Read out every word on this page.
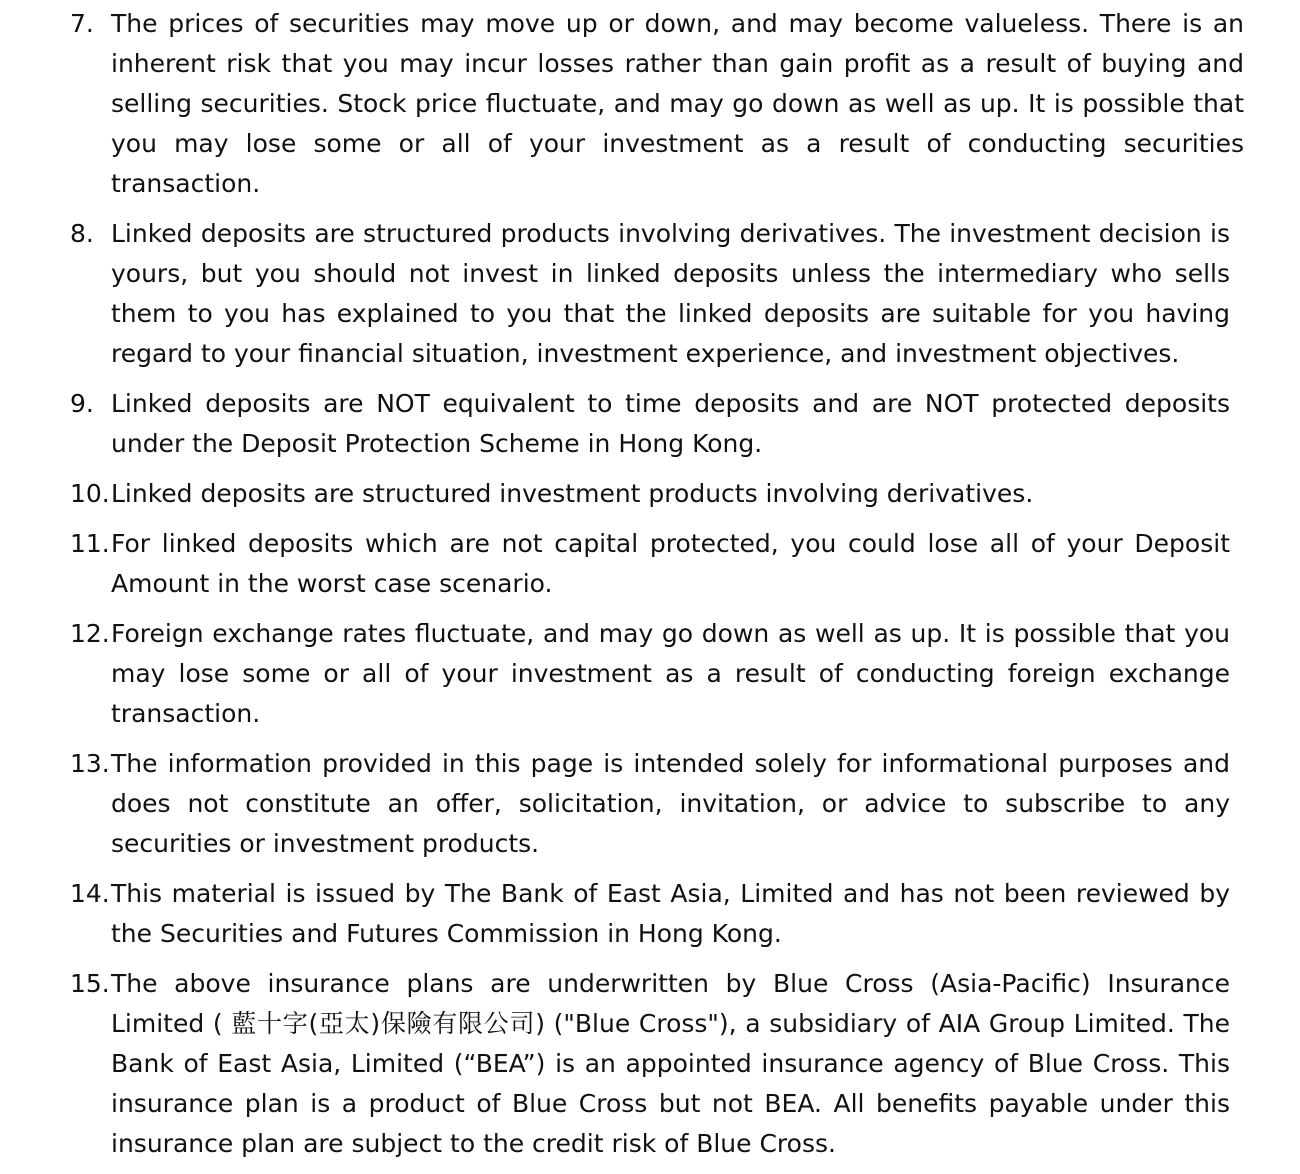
7. The prices of securities may move up or down, and may become valueless. There is an inherent risk that you may incur losses rather than gain profit as a result of buying and selling securities. Stock price fluctuate, and may go down as well as up. It is possible that you may lose some or all of your investment as a result of conducting securities transaction.
8. Linked deposits are structured products involving derivatives. The investment decision is yours, but you should not invest in linked deposits unless the intermediary who sells them to you has explained to you that the linked deposits are suitable for you having regard to your financial situation, investment experience, and investment objectives.
9. Linked deposits are NOT equivalent to time deposits and are NOT protected deposits under the Deposit Protection Scheme in Hong Kong.
10. Linked deposits are structured investment products involving derivatives.
11. For linked deposits which are not capital protected, you could lose all of your Deposit Amount in the worst case scenario.
12. Foreign exchange rates fluctuate, and may go down as well as up. It is possible that you may lose some or all of your investment as a result of conducting foreign exchange transaction.
13. The information provided in this page is intended solely for informational purposes and does not constitute an offer, solicitation, invitation, or advice to subscribe to any securities or investment products.
14. This material is issued by The Bank of East Asia, Limited and has not been reviewed by the Securities and Futures Commission in Hong Kong.
15. The above insurance plans are underwritten by Blue Cross (Asia-Pacific) Insurance Limited ( 藍十字(亞太)保險有限公司) ("Blue Cross"), a subsidiary of AIA Group Limited. The Bank of East Asia, Limited (“BEA”) is an appointed insurance agency of Blue Cross. This insurance plan is a product of Blue Cross but not BEA. All benefits payable under this insurance plan are subject to the credit risk of Blue Cross.
